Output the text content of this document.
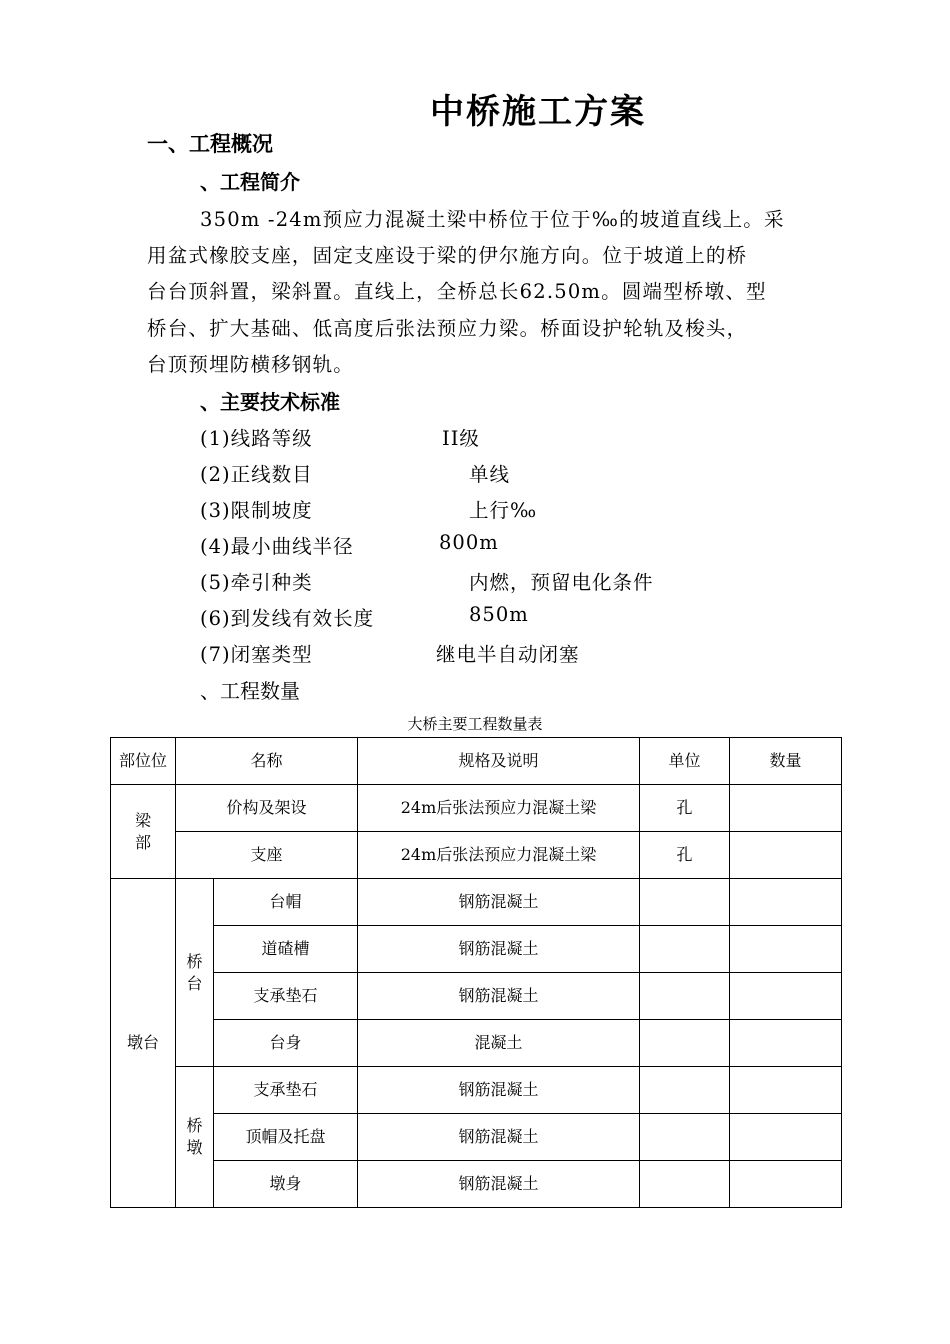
中桥施工方案
一、工程概况
、工程简介
350m -24m预应力混凝土梁中桥位于位于‰的坡道直线上。采
用盆式橡胶支座，固定支座设于梁的伊尔施方向。位于坡道上的桥
台台顶斜置，梁斜置。直线上，全桥总长62.50m。圆端型桥墩、型
桥台、扩大基础、低高度后张法预应力梁。桥面设护轮轨及梭头，
台顶预埋防横移钢轨。
、主要技术标准
(1)线路等级	II级
(2)正线数目	单线
(3)限制坡度	上行‰
(4)最小曲线半径	800m
(5)牵引种类	内燃，预留电化条件
(6)到发线有效长度	850m
(7)闭塞类型	继电半自动闭塞
、工程数量
大桥主要工程数量表
部位位	名称		规格及说明	单位	数量
梁部	价构及架设		24m后张法预应力混凝土梁	孔	
	支座		24m后张法预应力混凝土梁	孔	
墩台	桥台	台帽	钢筋混凝土		
		道碴槽	钢筋混凝土		
		支承垫石	钢筋混凝土		
		台身	混凝土		
	桥墩	支承垫石	钢筋混凝土		
		顶帽及托盘	钢筋混凝土		
		墩身	钢筋混凝土		
